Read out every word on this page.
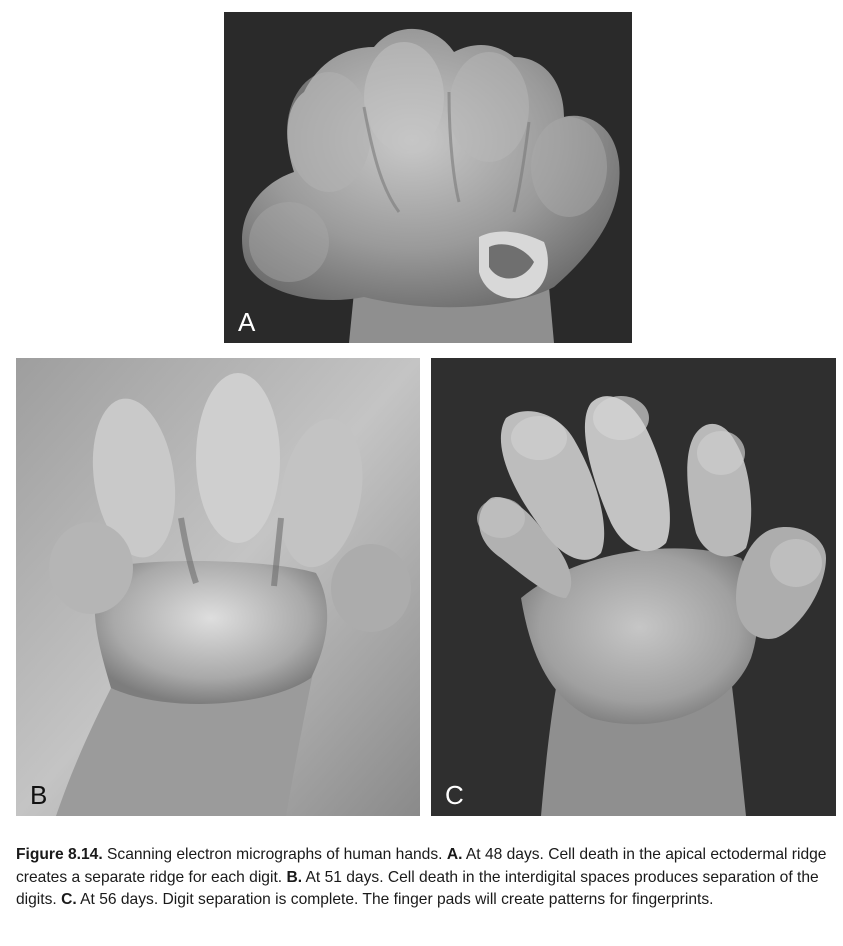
A
B	C

Figure 8.14. Scanning electron micrographs of human hands. A. At 48 days. Cell death in the apical ectodermal ridge creates a separate ridge for each digit. B. At 51 days. Cell death in the interdigital spaces produces separation of the digits. C. At 56 days. Digit separation is complete. The finger pads will create patterns for fingerprints.
